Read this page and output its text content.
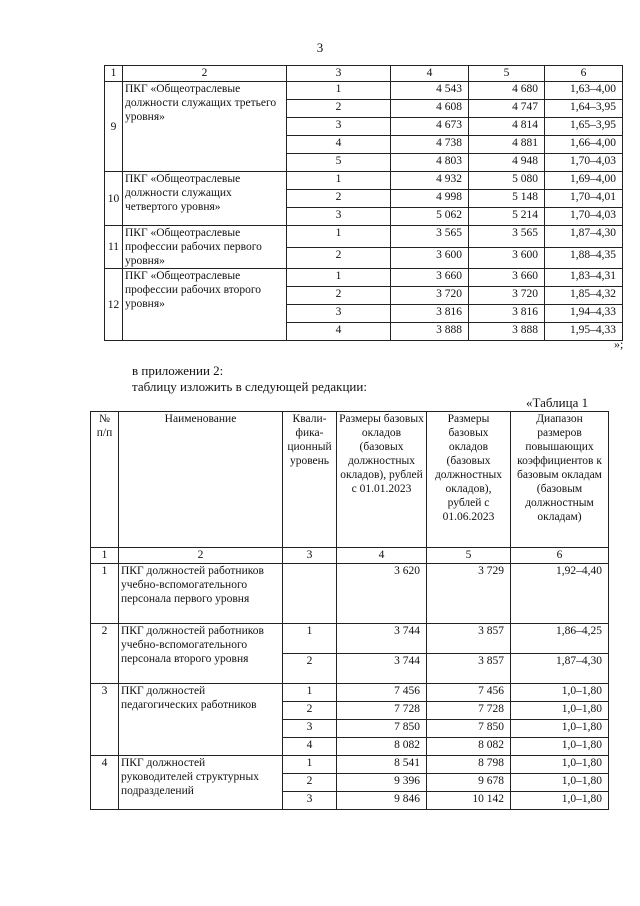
3
1	2	3	4	5	6
9	ПКГ «Общеотраслевые должности служащих третьего уровня»	1	4 543	4 680	1,63–4,00
		2	4 608	4 747	1,64–3,95
		3	4 673	4 814	1,65–3,95
		4	4 738	4 881	1,66–4,00
		5	4 803	4 948	1,70–4,03
10	ПКГ «Общеотраслевые должности служащих четвертого уровня»	1	4 932	5 080	1,69–4,00
		2	4 998	5 148	1,70–4,01
		3	5 062	5 214	1,70–4,03
11	ПКГ «Общеотраслевые профессии рабочих первого уровня»	1	3 565	3 565	1,87–4,30
		2	3 600	3 600	1,88–4,35
12	ПКГ «Общеотраслевые профессии рабочих второго уровня»	1	3 660	3 660	1,83–4,31
		2	3 720	3 720	1,85–4,32
		3	3 816	3 816	1,94–4,33
		4	3 888	3 888	1,95–4,33
»;
в приложении 2:
таблицу изложить в следующей редакции:
«Таблица 1
№ п/п	Наименование	Квали-фика-ционный уровень	Размеры базовых окладов (базовых должностных окладов), рублей с 01.01.2023	Размеры базовых окладов (базовых должностных окладов), рублей с 01.06.2023	Диапазон размеров повышающих коэффициентов к базовым окладам (базовым должностным окладам)
1	2	3	4	5	6
1	ПКГ должностей работников учебно-вспомогательного персонала первого уровня		3 620	3 729	1,92–4,40
2	ПКГ должностей работников учебно-вспомогательного персонала второго уровня	1	3 744	3 857	1,86–4,25
		2	3 744	3 857	1,87–4,30
3	ПКГ должностей педагогических работников	1	7 456	7 456	1,0–1,80
		2	7 728	7 728	1,0–1,80
		3	7 850	7 850	1,0–1,80
		4	8 082	8 082	1,0–1,80
4	ПКГ должностей руководителей структурных подразделений	1	8 541	8 798	1,0–1,80
		2	9 396	9 678	1,0–1,80
		3	9 846	10 142	1,0–1,80
